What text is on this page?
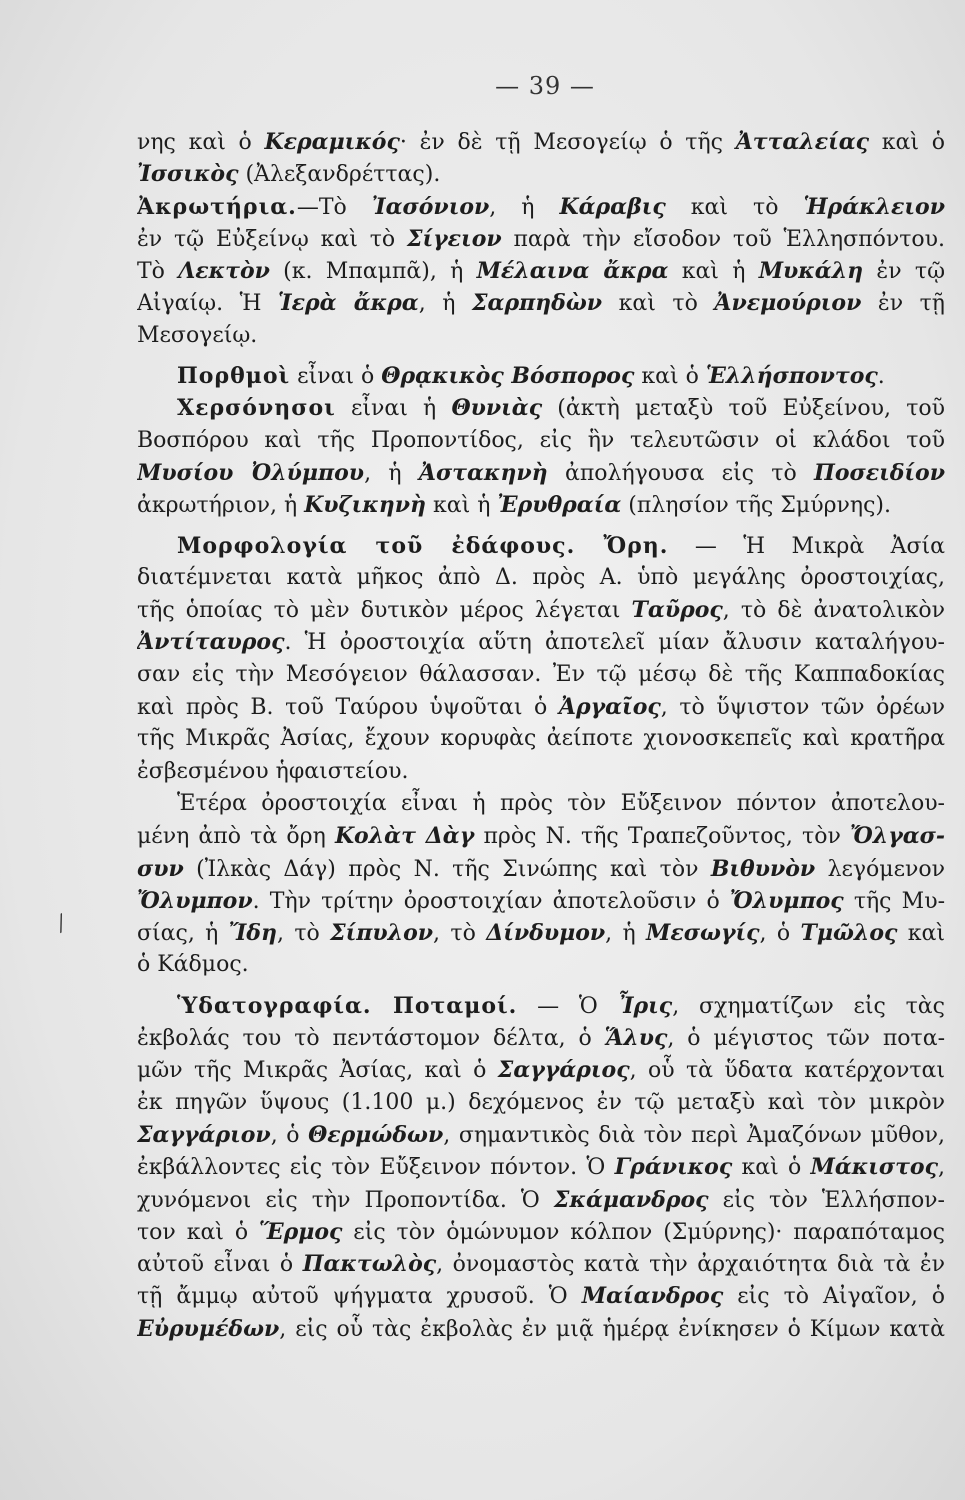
— 39 —
⁄
νης καὶ ὁ Κεραμικός· ἐν δὲ τῇ Μεσογείῳ ὁ τῆς Ἀτταλείας καὶ ὁ
Ἰσσικὸς (Ἀλεξανδρέττας).
Ἀκρωτήρια.—Τὸ Ἰασόνιον, ἡ Κάραβις καὶ τὸ Ἡράκλειον
ἐν τῷ Εὐξείνῳ καὶ τὸ Σίγειον παρὰ τὴν εἴσοδον τοῦ Ἑλλησπόντου.
Τὸ Λεκτὸν (κ. Μπαμπᾶ), ἡ Μέλαινα ἄκρα καὶ ἡ Μυκάλη ἐν τῷ
Αἰγαίῳ. Ἡ Ἱερὰ ἄκρα, ἡ Σαρπηδὼν καὶ τὸ Ἀνεμούριον ἐν τῇ
Μεσογείῳ.
Πορθμοὶ εἶναι ὁ Θρᾳκικὸς Βόσπορος καὶ ὁ Ἑλλήσποντος.
Χερσόνησοι εἶναι ἡ Θυνιὰς (ἀκτὴ μεταξὺ τοῦ Εὐξείνου, τοῦ
Βοσπόρου καὶ τῆς Προποντίδος, εἰς ἣν τελευτῶσιν οἱ κλάδοι τοῦ
Μυσίου Ὀλύμπου, ἡ Ἀστακηνὴ ἀπολήγουσα εἰς τὸ Ποσειδίον
ἀκρωτήριον, ἡ Κυζικηνὴ καὶ ἡ Ἐρυθραία (πλησίον τῆς Σμύρνης).
Μορφολογία τοῦ ἐδάφους. Ὄρη. — Ἡ Μικρὰ Ἀσία
διατέμνεται κατὰ μῆκος ἀπὸ Δ. πρὸς Α. ὑπὸ μεγάλης ὀροστοιχίας,
τῆς ὁποίας τὸ μὲν δυτικὸν μέρος λέγεται Ταῦρος, τὸ δὲ ἀνατολικὸν
Ἀντίταυρος. Ἡ ὀροστοιχία αὕτη ἀποτελεῖ μίαν ἄλυσιν καταλήγου-
σαν εἰς τὴν Μεσόγειον θάλασσαν. Ἐν τῷ μέσῳ δὲ τῆς Καππαδοκίας
καὶ πρὸς Β. τοῦ Ταύρου ὑψοῦται ὁ Ἀργαῖος, τὸ ὕψιστον τῶν ὀρέων
τῆς Μικρᾶς Ἀσίας, ἔχουν κορυφὰς ἀείποτε χιονοσκεπεῖς καὶ κρατῆρα
ἐσβεσμένου ἡφαιστείου.
Ἑτέρα ὀροστοιχία εἶναι ἡ πρὸς τὸν Εὔξεινον πόντον ἀποτελου-
μένη ἀπὸ τὰ ὄρη Κολὰτ Δὰγ πρὸς Ν. τῆς Τραπεζοῦντος, τὸν Ὄλγασ-
συν (Ἰλκὰς Δάγ) πρὸς Ν. τῆς Σινώπης καὶ τὸν Βιθυνὸν λεγόμενον
Ὄλυμπον. Τὴν τρίτην ὀροστοιχίαν ἀποτελοῦσιν ὁ Ὄλυμπος τῆς Μυ-
σίας, ἡ Ἴδη, τὸ Σίπυλον, τὸ Δίνδυμον, ἡ Μεσωγίς, ὁ Τμῶλος καὶ
ὁ Κάδμος.
Ὑδατογραφία. Ποταμοί. — Ὁ Ἶρις, σχηματίζων εἰς τὰς
ἐκβολάς του τὸ πεντάστομον δέλτα, ὁ Ἅλυς, ὁ μέγιστος τῶν ποτα-
μῶν τῆς Μικρᾶς Ἀσίας, καὶ ὁ Σαγγάριος, οὗ τὰ ὕδατα κατέρχονται
ἐκ πηγῶν ὕψους (1.100 μ.) δεχόμενος ἐν τῷ μεταξὺ καὶ τὸν μικρὸν
Σαγγάριον, ὁ Θερμώδων, σημαντικὸς διὰ τὸν περὶ Ἀμαζόνων μῦθον,
ἐκβάλλοντες εἰς τὸν Εὔξεινον πόντον. Ὁ Γράνικος καὶ ὁ Μάκιστος,
χυνόμενοι εἰς τὴν Προποντίδα. Ὁ Σκάμανδρος εἰς τὸν Ἑλλήσπον-
τον καὶ ὁ Ἕρμος εἰς τὸν ὁμώνυμον κόλπον (Σμύρνης)· παραπόταμος
αὐτοῦ εἶναι ὁ Πακτωλὸς, ὀνομαστὸς κατὰ τὴν ἀρχαιότητα διὰ τὰ ἐν
τῇ ἄμμῳ αὐτοῦ ψήγματα χρυσοῦ. Ὁ Μαίανδρος εἰς τὸ Αἰγαῖον, ὁ
Εὐρυμέδων, εἰς οὗ τὰς ἐκβολὰς ἐν μιᾷ ἡμέρᾳ ἐνίκησεν ὁ Κίμων κατὰ
